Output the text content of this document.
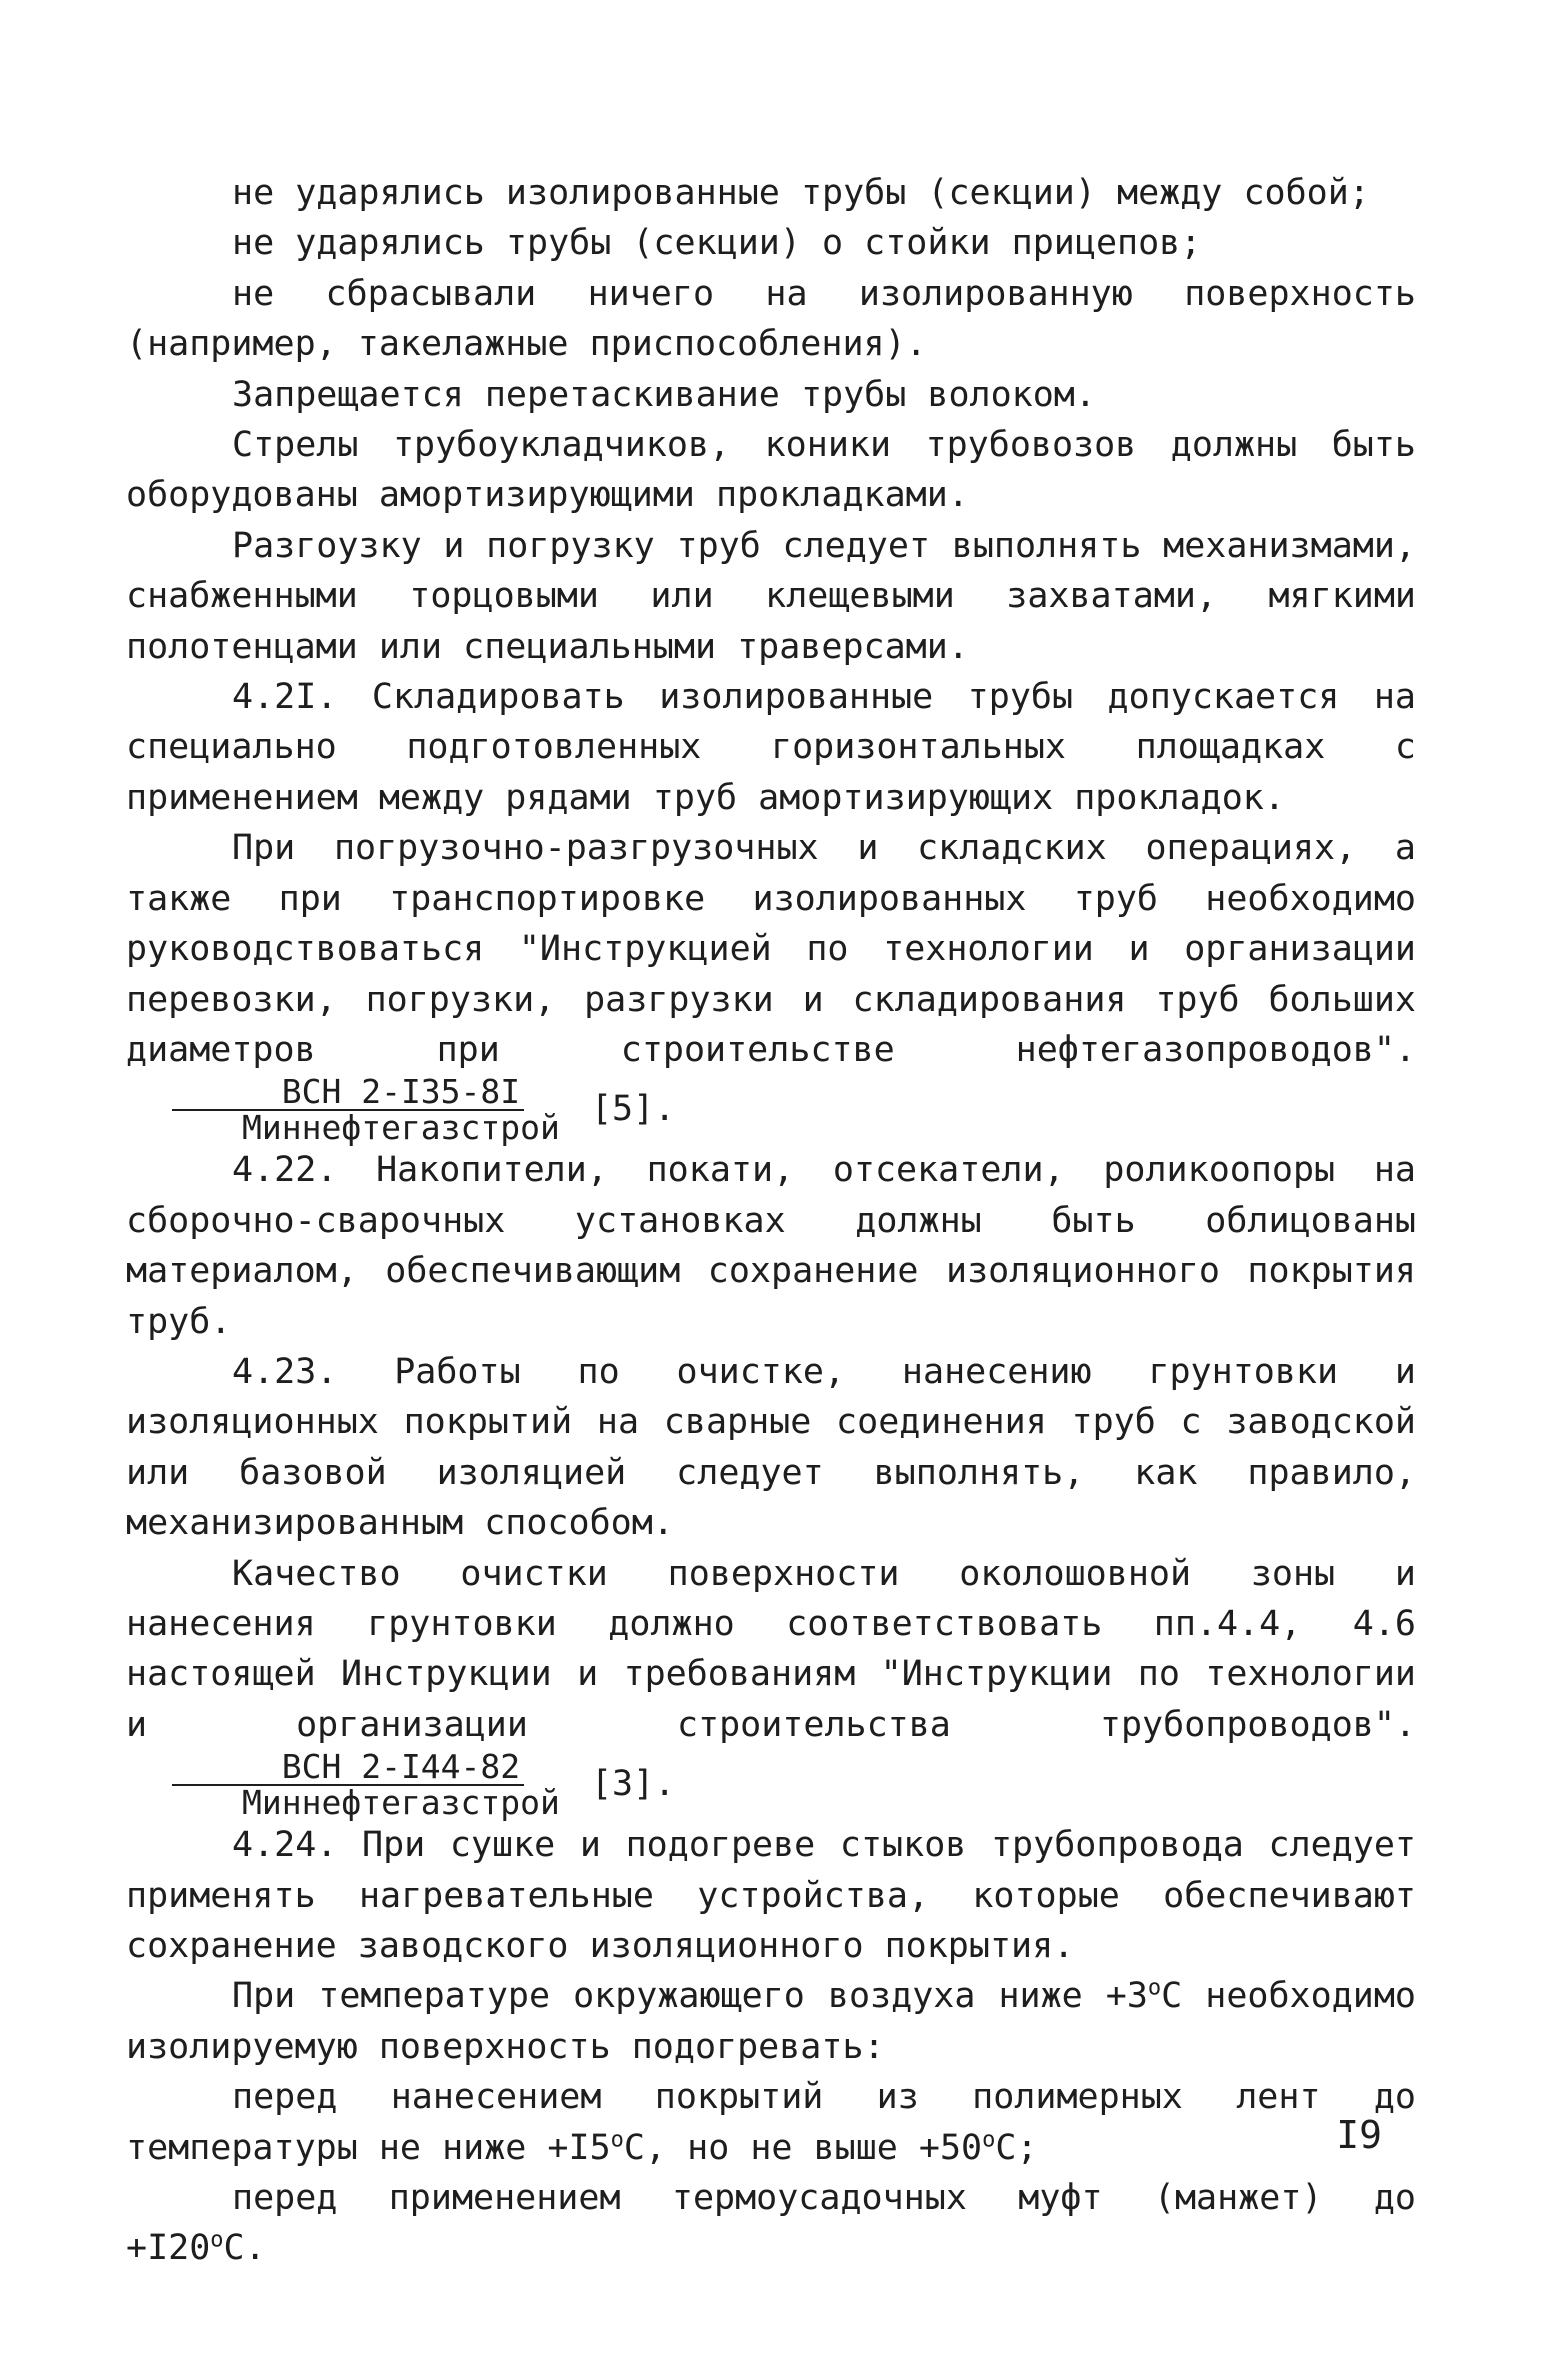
не ударялись изолированные трубы (секции) между собой;

не ударялись трубы (секции) о стойки прицепов;

не сбрасывали ничего на изолированную поверхность (например, такелажные приспособления).

Запрещается перетаскивание трубы волоком.

Стрелы трубоукладчиков, коники трубовозов должны быть оборудованы амортизирующими прокладками.

Разгоузку и погрузку труб следует выполнять механизмами, снабженными торцовыми или клещевыми захватами, мягкими полотенцами или специальными траверсами.

4.2I. Складировать изолированные трубы допускается на специально подготовленных горизонтальных площадках с применением между рядами труб амортизирующих прокладок.

При погрузочно-разгрузочных и складских операциях, а также при транспортировке изолированных труб необходимо руководствоваться "Инструкцией по технологии и организации перевозки, погрузки, разгрузки и складирования труб больших диаметров при строительстве нефтегазопроводов".
$\frac{\text{ВСН 2-I35-8I}}{\text{Миннефтегазстрой}} [5]$.

4.22. Накопители, покати, отсекатели, роликоопоры на сборочно-сварочных установках должны быть облицованы материалом, обеспечивающим сохранение изоляционного покрытия труб.

4.23. Работы по очистке, нанесению грунтовки и изоляционных покрытий на сварные соединения труб с заводской или базовой изоляцией следует выполнять, как правило, механизированным способом.

Качество очистки поверхности околошовной зоны и нанесения грунтовки должно соответствовать пп.4.4, 4.6 настоящей Инструкции и требованиям "Инструкции по технологии и организации строительства трубопроводов".
$\frac{\text{ВСН 2-I44-82}}{\text{Миннефтегазстрой}} [3]$.

4.24. При сушке и подогреве стыков трубопровода следует применять нагревательные устройства, которые обеспечивают сохранение заводского изоляционного покрытия.

При температуре окружающего воздуха ниже $+3^оС$ необходимо изолируемую поверхность подогревать:

перед нанесением покрытий из полимерных лент до температуры не ниже $+I5^оС$, но не выше $+50^оС$;

перед применением термоусадочных муфт (манжет) до $+I20^оС$.

I9
